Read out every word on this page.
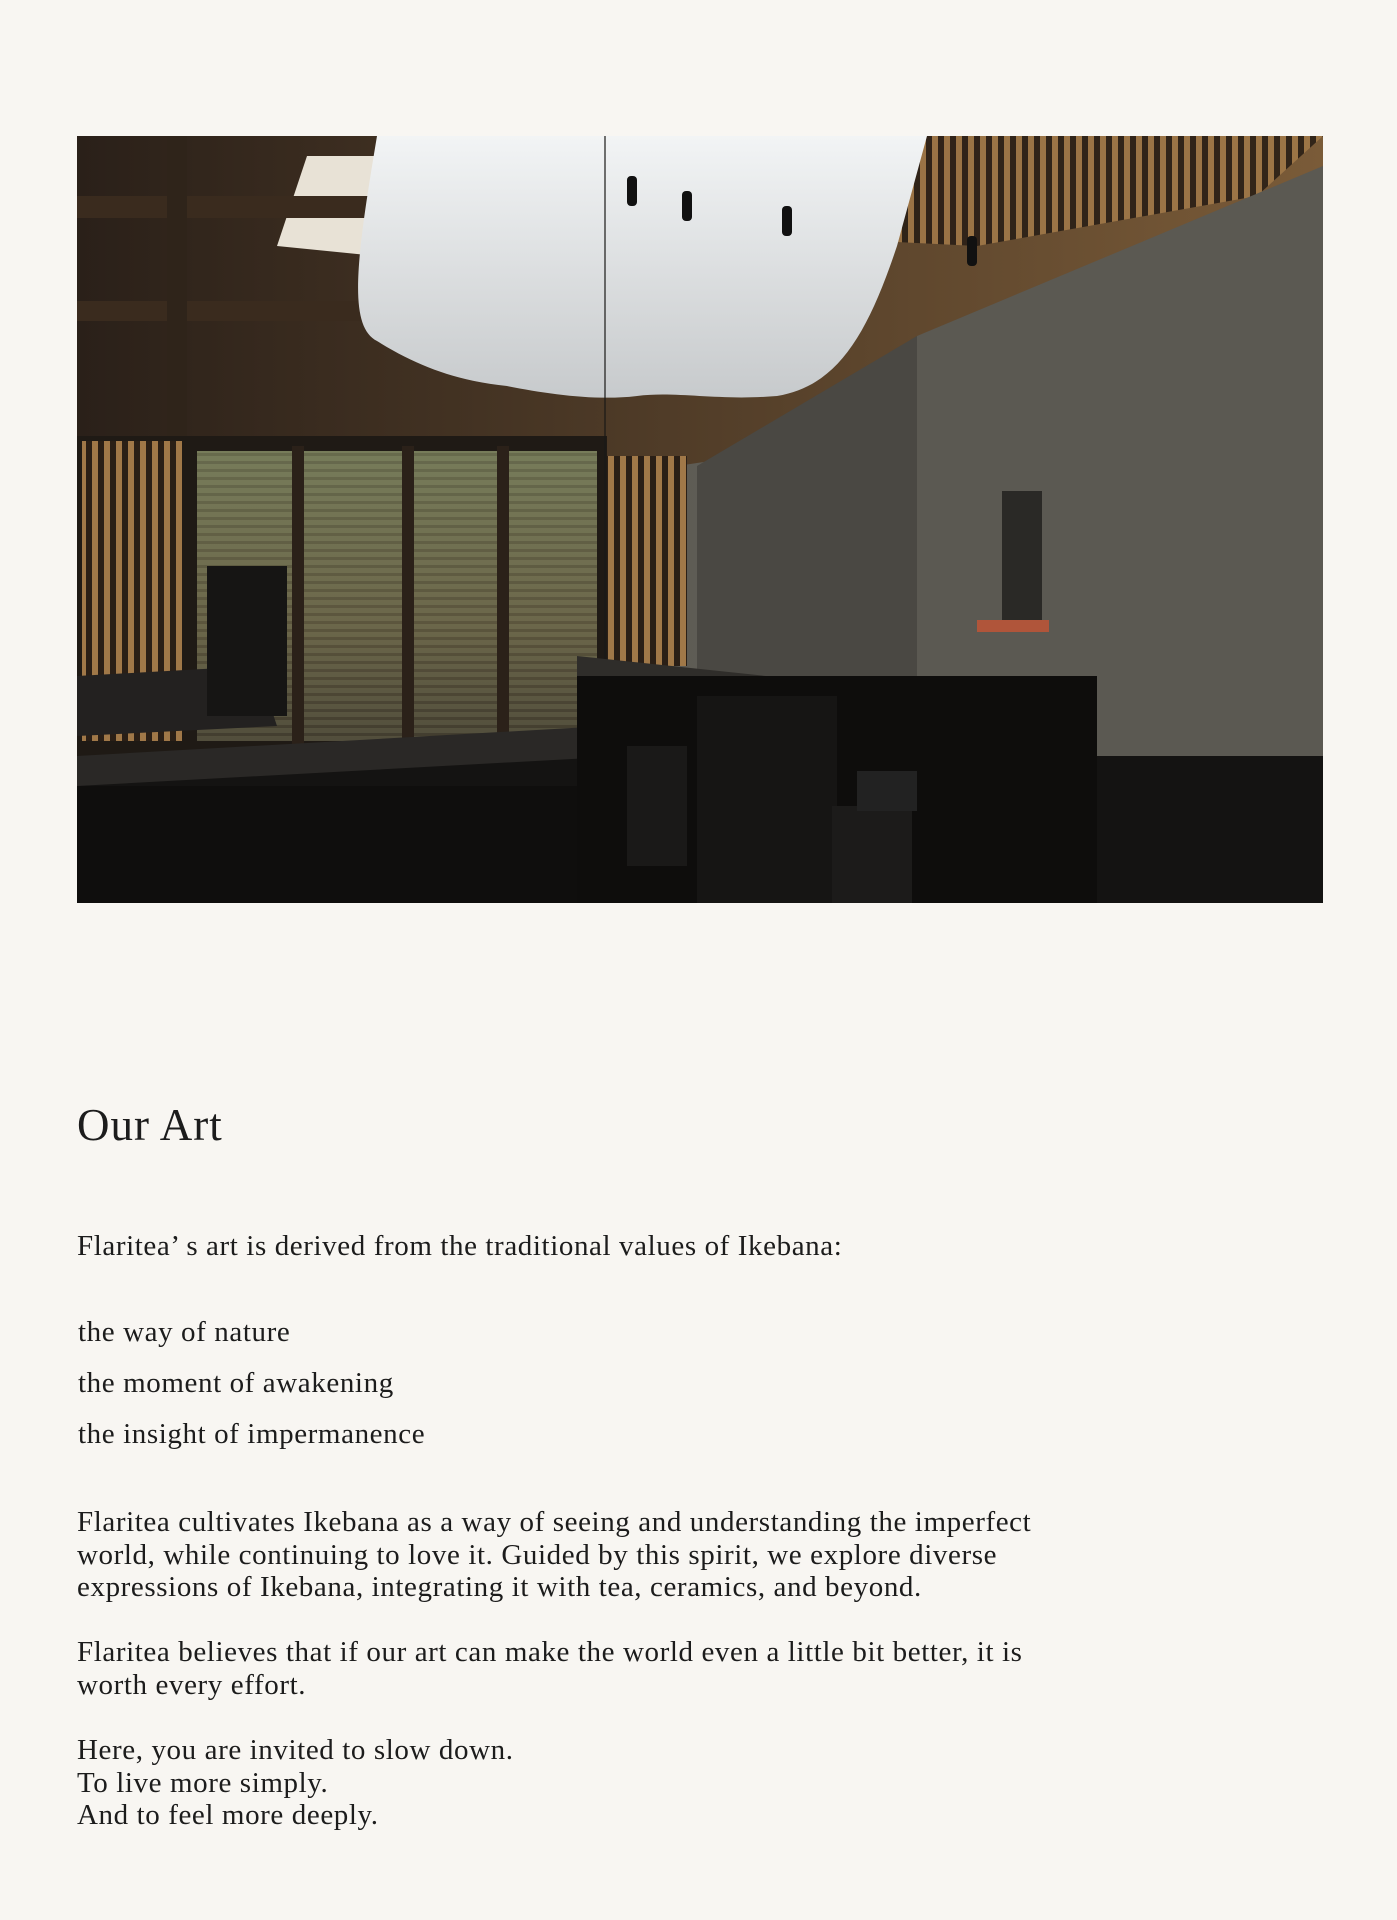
Our Art

Flaritea’ s art is derived from the traditional values of Ikebana:

the way of nature
the moment of awakening
the insight of impermanence

Flaritea cultivates Ikebana as a way of seeing and understanding the imperfect
world, while continuing to love it. Guided by this spirit, we explore diverse
expressions of Ikebana, integrating it with tea, ceramics, and beyond.

Flaritea believes that if our art can make the world even a little bit better, it is
worth every effort.

Here, you are invited to slow down.
To live more simply.
And to feel more deeply.
